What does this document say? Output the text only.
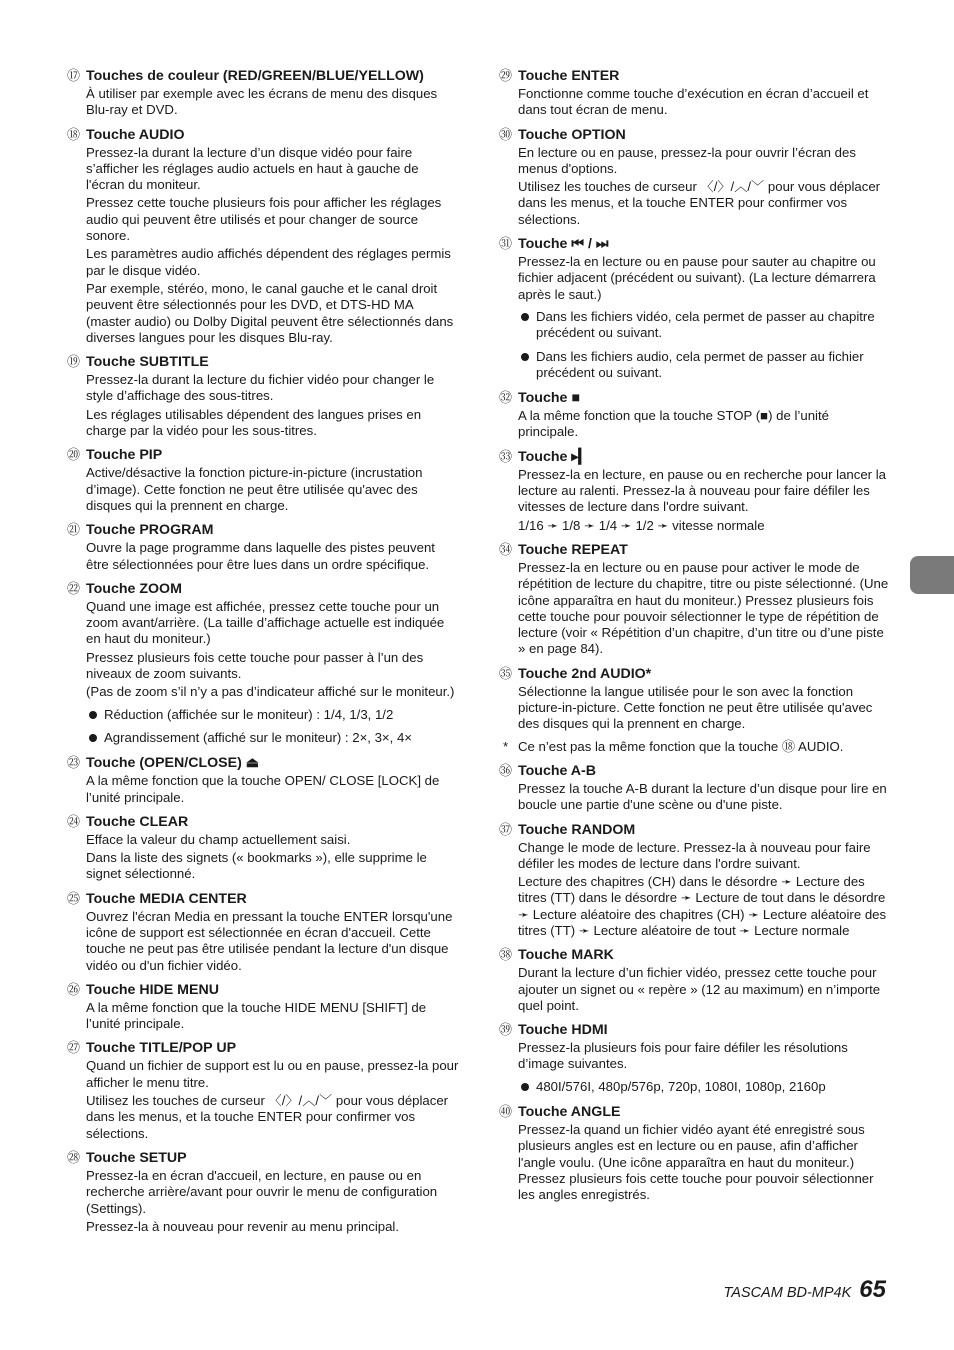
⑰ Touches de couleur (RED/GREEN/BLUE/YELLOW)

À utiliser par exemple avec les écrans de menu des disques Blu-ray et DVD.

⑱ Touche AUDIO

Pressez-la durant la lecture d’un disque vidéo pour faire s’afficher les réglages audio actuels en haut à gauche de l'écran du moniteur.

Pressez cette touche plusieurs fois pour afficher les réglages audio qui peuvent être utilisés et pour changer de source sonore.

Les paramètres audio affichés dépendent des réglages permis par le disque vidéo.

Par exemple, stéréo, mono, le canal gauche et le canal droit peuvent être sélectionnés pour les DVD, et DTS-HD MA (master audio) ou Dolby Digital peuvent être sélectionnés dans diverses langues pour les disques Blu-ray.

⑲ Touche SUBTITLE

Pressez-la durant la lecture du fichier vidéo pour changer le style d’affichage des sous-titres.

Les réglages utilisables dépendent des langues prises en charge par la vidéo pour les sous-titres.

⑳ Touche PIP

Active/désactive la fonction picture-in-picture (incrustation d’image). Cette fonction ne peut être utilisée qu'avec des disques qui la prennent en charge.

㉑ Touche PROGRAM

Ouvre la page programme dans laquelle des pistes peuvent être sélectionnées pour être lues dans un ordre spécifique.

㉒ Touche ZOOM

Quand une image est affichée, pressez cette touche pour un zoom avant/arrière. (La taille d’affichage actuelle est indiquée en haut du moniteur.)

Pressez plusieurs fois cette touche pour passer à l’un des niveaux de zoom suivants.

(Pas de zoom s’il n’y a pas d’indicateur affiché sur le moniteur.)

Réduction (affichée sur le moniteur) : 1/4, 1/3, 1/2
Agrandissement (affiché sur le moniteur) : 2×, 3×, 4×
㉓ Touche (OPEN/CLOSE) ⏏

A la même fonction que la touche OPEN/ CLOSE [LOCK] de l’unité principale.

㉔ Touche CLEAR

Efface la valeur du champ actuellement saisi.

Dans la liste des signets (« bookmarks »), elle supprime le signet sélectionné.

㉕ Touche MEDIA CENTER

Ouvrez l'écran Media en pressant la touche ENTER lorsqu'une icône de support est sélectionnée en écran d'accueil. Cette touche ne peut pas être utilisée pendant la lecture d'un disque vidéo ou d'un fichier vidéo.

㉖ Touche HIDE MENU

A la même fonction que la touche HIDE MENU [SHIFT] de l’unité principale.

㉗ Touche TITLE/POP UP

Quand un fichier de support est lu ou en pause, pressez-la pour afficher le menu titre.

Utilisez les touches de curseur 〈/〉/︿/﹀ pour vous déplacer dans les menus, et la touche ENTER pour confirmer vos sélections.

㉘ Touche SETUP

Pressez-la en écran d'accueil, en lecture, en pause ou en recherche arrière/avant pour ouvrir le menu de configuration (Settings).

Pressez-la à nouveau pour revenir au menu principal.

㉙ Touche ENTER

Fonctionne comme touche d’exécution en écran d’accueil et dans tout écran de menu.

㉚ Touche OPTION

En lecture ou en pause, pressez-la pour ouvrir l’écran des menus d'options.

Utilisez les touches de curseur 〈/〉/︿/﹀ pour vous déplacer dans les menus, et la touche ENTER pour confirmer vos sélections.

㉛ Touche ⏮ / ⏭

Pressez-la en lecture ou en pause pour sauter au chapitre ou fichier adjacent (précédent ou suivant). (La lecture démarrera après le saut.)

Dans les fichiers vidéo, cela permet de passer au chapitre précédent ou suivant.
Dans les fichiers audio, cela permet de passer au fichier précédent ou suivant.
㉜ Touche ■

A la même fonction que la touche STOP (■) de l’unité principale.

㉝ Touche ▸▎

Pressez-la en lecture, en pause ou en recherche pour lancer la lecture au ralenti. Pressez-la à nouveau pour faire défiler les vitesses de lecture dans l'ordre suivant.

1/16 ➛ 1/8 ➛ 1/4 ➛ 1/2 ➛ vitesse normale

㉞ Touche REPEAT

Pressez-la en lecture ou en pause pour activer le mode de répétition de lecture du chapitre, titre ou piste sélectionné. (Une icône apparaîtra en haut du moniteur.) Pressez plusieurs fois cette touche pour pouvoir sélectionner le type de répétition de lecture (voir « Répétition d’un chapitre, d’un titre ou d’une piste » en page 84).

㉟ Touche 2nd AUDIO*

Sélectionne la langue utilisée pour le son avec la fonction picture-in-picture. Cette fonction ne peut être utilisée qu'avec des disques qui la prennent en charge.

* Ce n’est pas la même fonction que la touche ⑱ AUDIO.
㊱ Touche A-B

Pressez la touche A-B durant la lecture d’un disque pour lire en boucle une partie d'une scène ou d'une piste.

㊲ Touche RANDOM

Change le mode de lecture. Pressez-la à nouveau pour faire défiler les modes de lecture dans l'ordre suivant.

Lecture des chapitres (CH) dans le désordre ➛ Lecture des titres (TT) dans le désordre ➛ Lecture de tout dans le désordre ➛ Lecture aléatoire des chapitres (CH) ➛ Lecture aléatoire des titres (TT) ➛ Lecture aléatoire de tout ➛ Lecture normale

㊳ Touche MARK

Durant la lecture d’un fichier vidéo, pressez cette touche pour ajouter un signet ou « repère » (12 au maximum) en n’importe quel point.

㊴ Touche HDMI

Pressez-la plusieurs fois pour faire défiler les résolutions d’image suivantes.

480I/576I, 480p/576p, 720p, 1080I, 1080p, 2160p
㊵ Touche ANGLE

Pressez-la quand un fichier vidéo ayant été enregistré sous plusieurs angles est en lecture ou en pause, afin d’afficher l'angle voulu. (Une icône apparaîtra en haut du moniteur.) Pressez plusieurs fois cette touche pour pouvoir sélectionner les angles enregistrés.

TASCAM BD-MP4K 65
